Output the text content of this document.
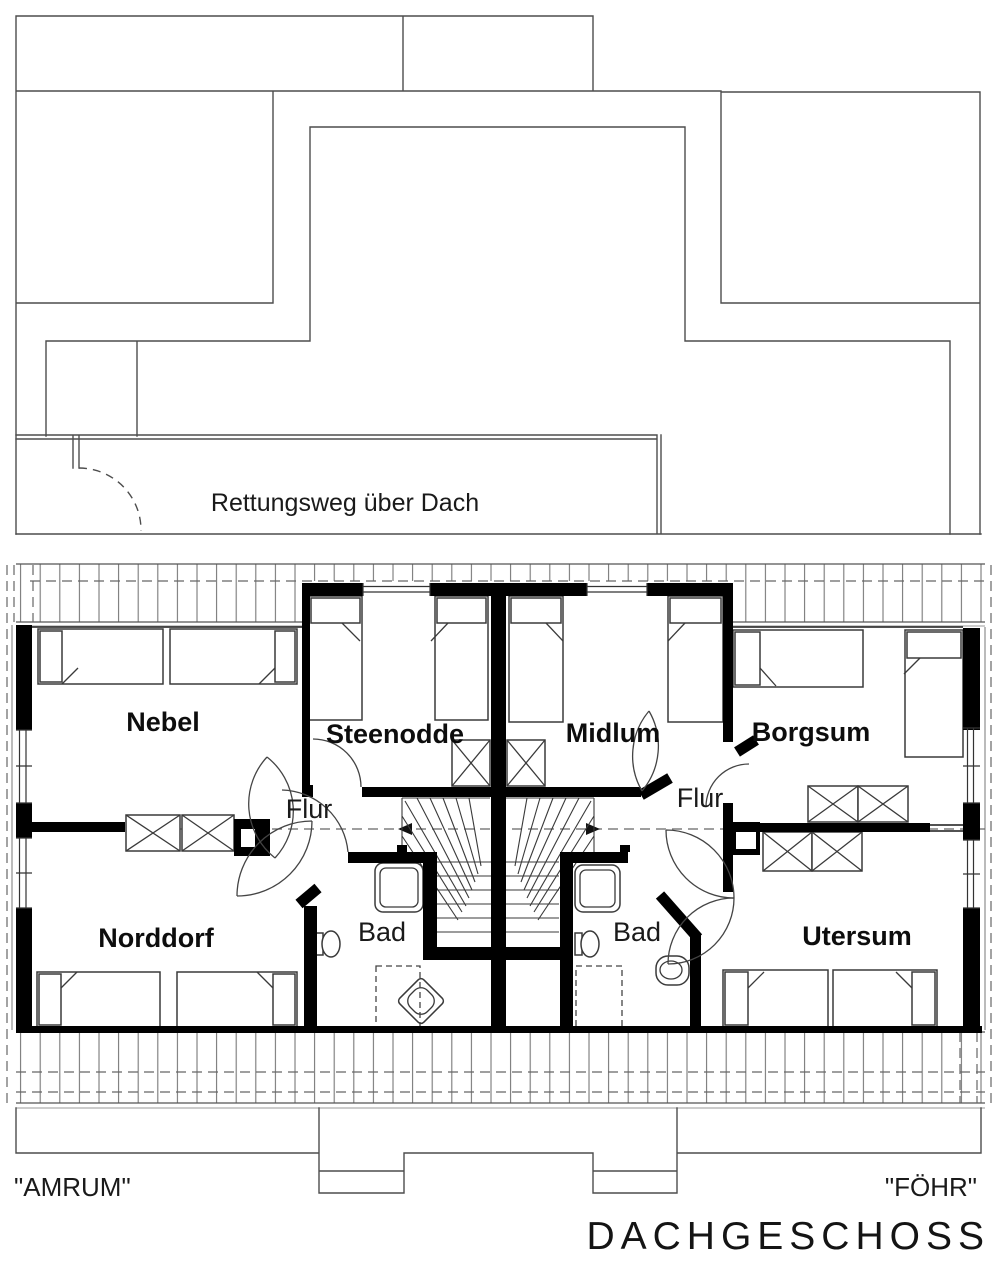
Rettungsweg über Dach
Nebel	Steenodde	Midlum	Borgsum
Norddorf	Utersum
Flur	Flur
Bad	Bad
"AMRUM"	"FÖHR"
DACHGESCHOSS
